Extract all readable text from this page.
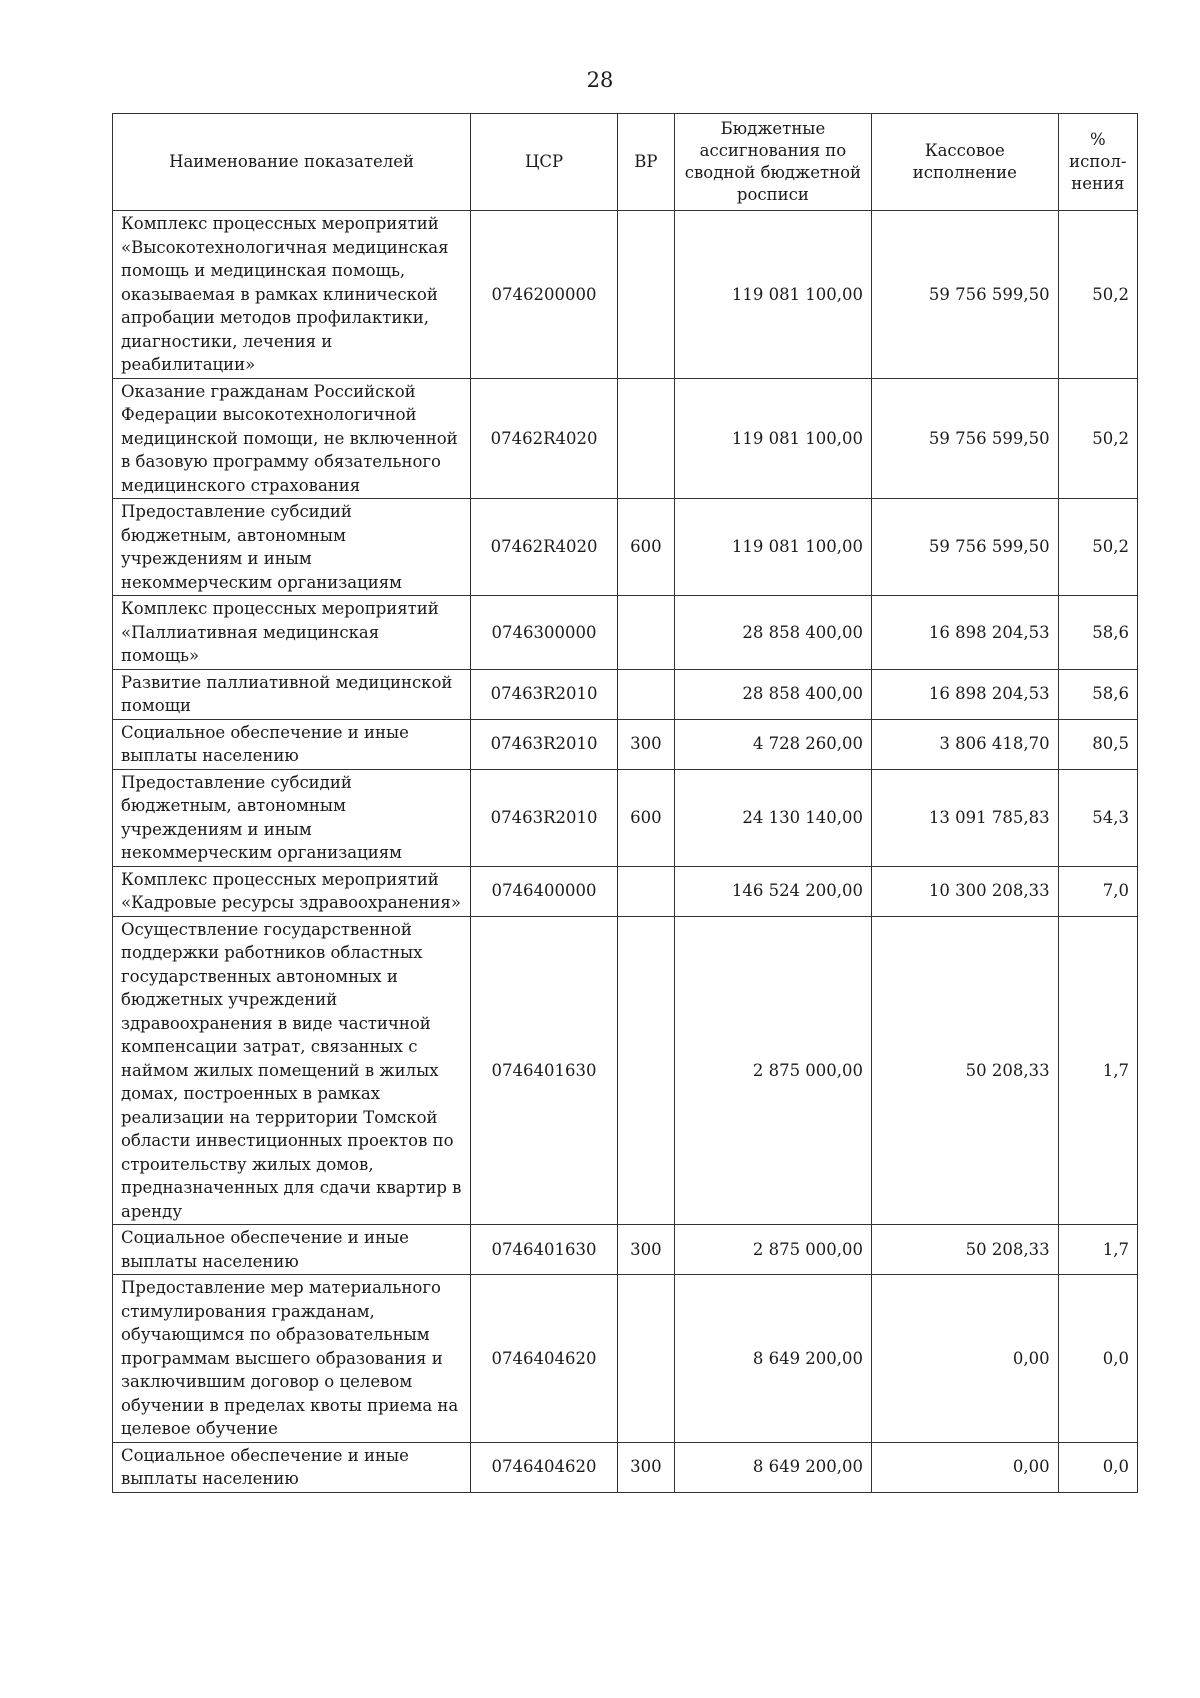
28
Наименование показателей	ЦСР	ВР	Бюджетные ассигнования по сводной бюджетной росписи	Кассовое исполнение	% испол-нения
Комплекс процессных мероприятий «Высокотехнологичная медицинская помощь и медицинская помощь, оказываемая в рамках клинической апробации методов профилактики, диагностики, лечения и реабилитации»	0746200000		119 081 100,00	59 756 599,50	50,2
Оказание гражданам Российской Федерации высокотехнологичной медицинской помощи, не включенной в базовую программу обязательного медицинского страхования	07462R4020		119 081 100,00	59 756 599,50	50,2
Предоставление субсидий бюджетным, автономным учреждениям и иным некоммерческим организациям	07462R4020	600	119 081 100,00	59 756 599,50	50,2
Комплекс процессных мероприятий «Паллиативная медицинская помощь»	0746300000		28 858 400,00	16 898 204,53	58,6
Развитие паллиативной медицинской помощи	07463R2010		28 858 400,00	16 898 204,53	58,6
Социальное обеспечение и иные выплаты населению	07463R2010	300	4 728 260,00	3 806 418,70	80,5
Предоставление субсидий бюджетным, автономным учреждениям и иным некоммерческим организациям	07463R2010	600	24 130 140,00	13 091 785,83	54,3
Комплекс процессных мероприятий «Кадровые ресурсы здравоохранения»	0746400000		146 524 200,00	10 300 208,33	7,0
Осуществление государственной поддержки работников областных государственных автономных и бюджетных учреждений здравоохранения в виде частичной компенсации затрат, связанных с наймом жилых помещений в жилых домах, построенных в рамках реализации на территории Томской области инвестиционных проектов по строительству жилых домов, предназначенных для сдачи квартир в аренду	0746401630		2 875 000,00	50 208,33	1,7
Социальное обеспечение и иные выплаты населению	0746401630	300	2 875 000,00	50 208,33	1,7
Предоставление мер материального стимулирования гражданам, обучающимся по образовательным программам высшего образования и заключившим договор о целевом обучении в пределах квоты приема на целевое обучение	0746404620		8 649 200,00	0,00	0,0
Социальное обеспечение и иные выплаты населению	0746404620	300	8 649 200,00	0,00	0,0
